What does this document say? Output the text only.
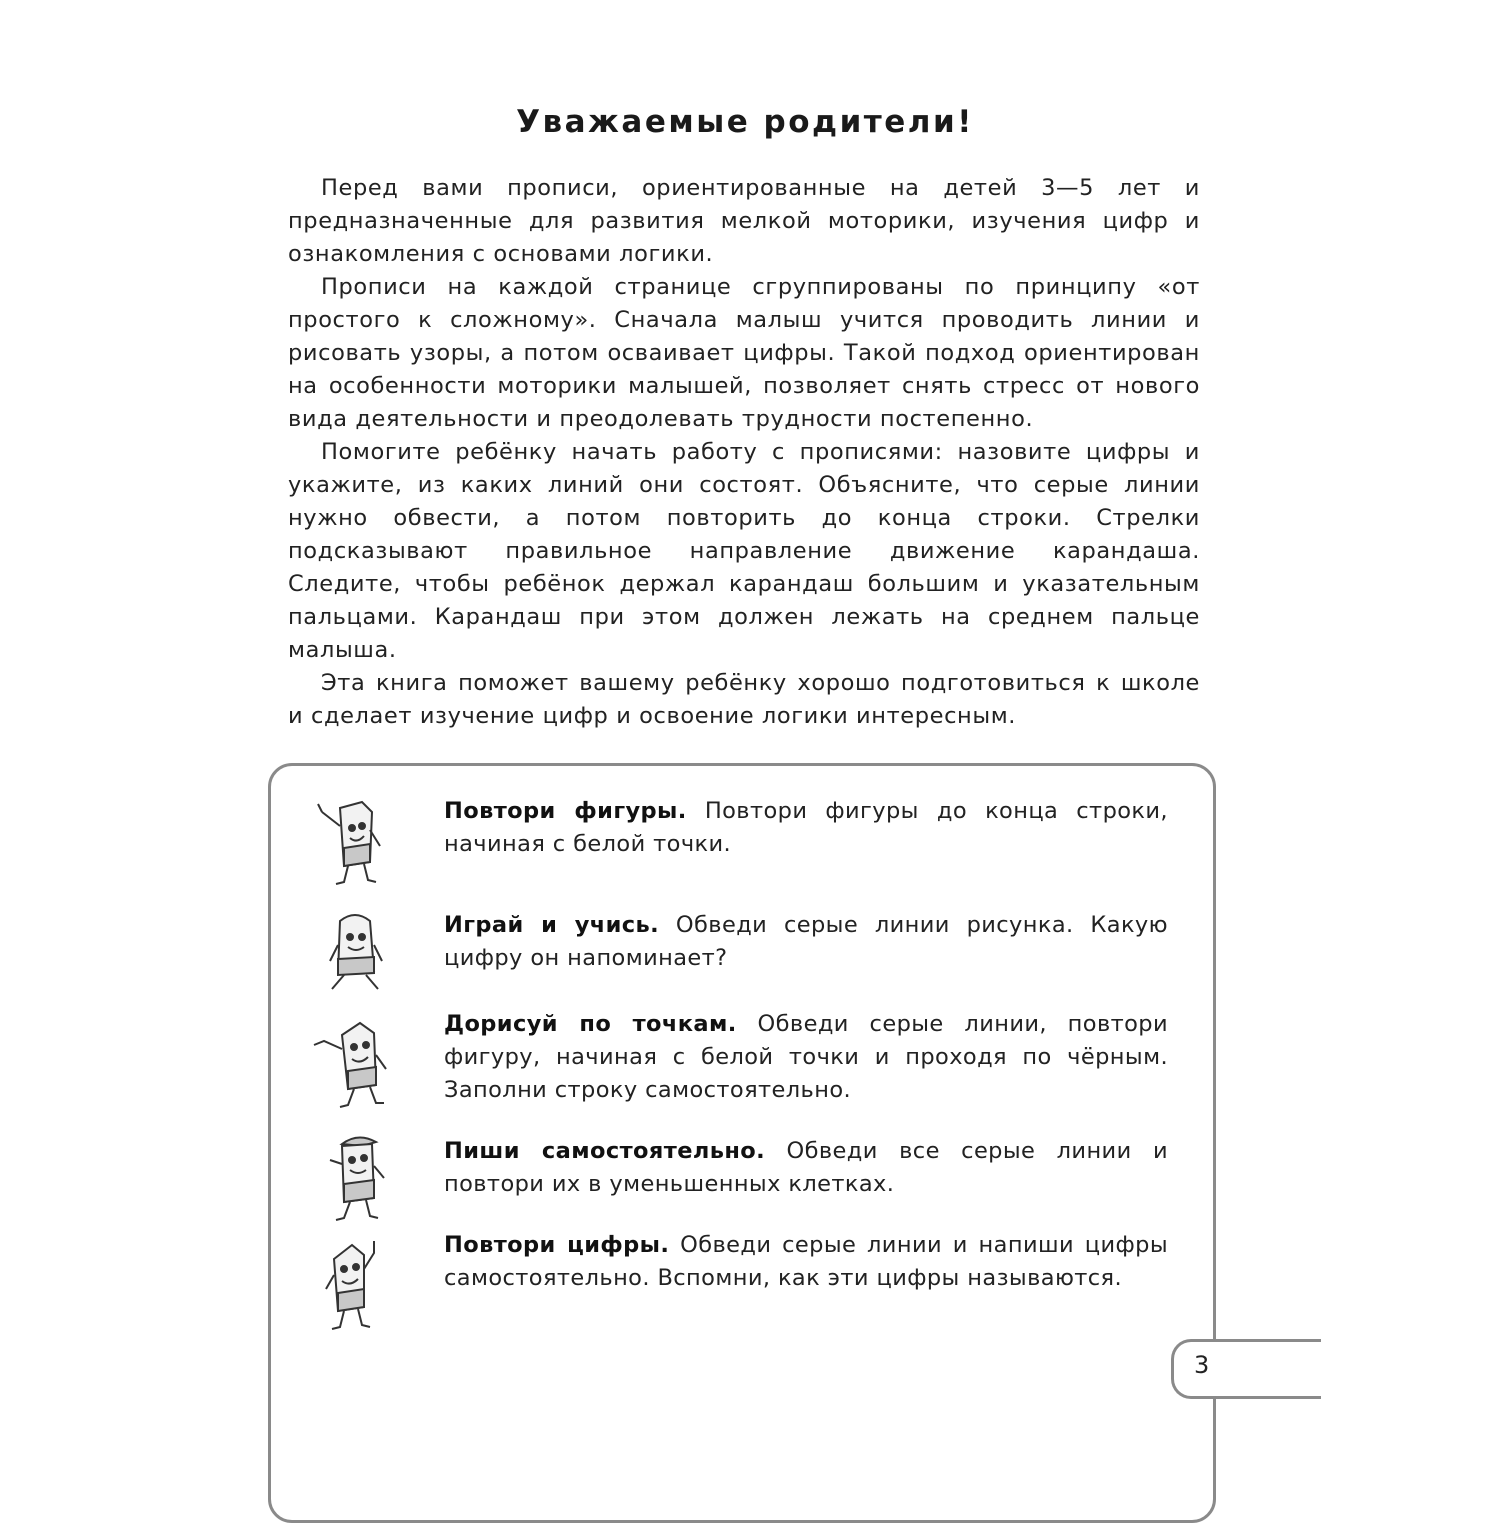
Уважаемые родители!

Перед вами прописи, ориентированные на детей 3—5 лет и предназначенные для развития мелкой моторики, изучения цифр и ознакомления с основами логики.

Прописи на каждой странице сгруппированы по принципу «от простого к сложному». Сначала малыш учится проводить линии и рисовать узоры, а потом осваивает цифры. Такой подход ориентирован на особенности моторики малышей, позволяет снять стресс от нового вида деятельности и преодолевать трудности постепенно.

Помогите ребёнку начать работу с прописями: назовите цифры и укажите, из каких линий они состоят. Объясните, что серые линии нужно обвести, а потом повторить до конца строки. Стрелки подсказывают правильное направление движение карандаша. Следите, чтобы ребёнок держал карандаш большим и указательным пальцами. Карандаш при этом должен лежать на среднем пальце малыша.

Эта книга поможет вашему ребёнку хорошо подготовиться к школе и сделает изучение цифр и освоение логики интересным.

Повтори фигуры. Повтори фигуры до конца строки, начиная с белой точки.
Играй и учись. Обведи серые линии рисунка. Какую цифру он напоминает?
Дорисуй по точкам. Обведи серые линии, повтори фигуру, начиная с белой точки и проходя по чёрным. Заполни строку самостоятельно.
Пиши самостоятельно. Обведи все серые линии и повтори их в уменьшенных клетках.
Повтори цифры. Обведи серые линии и напиши цифры самостоятельно. Вспомни, как эти цифры называются.
3
